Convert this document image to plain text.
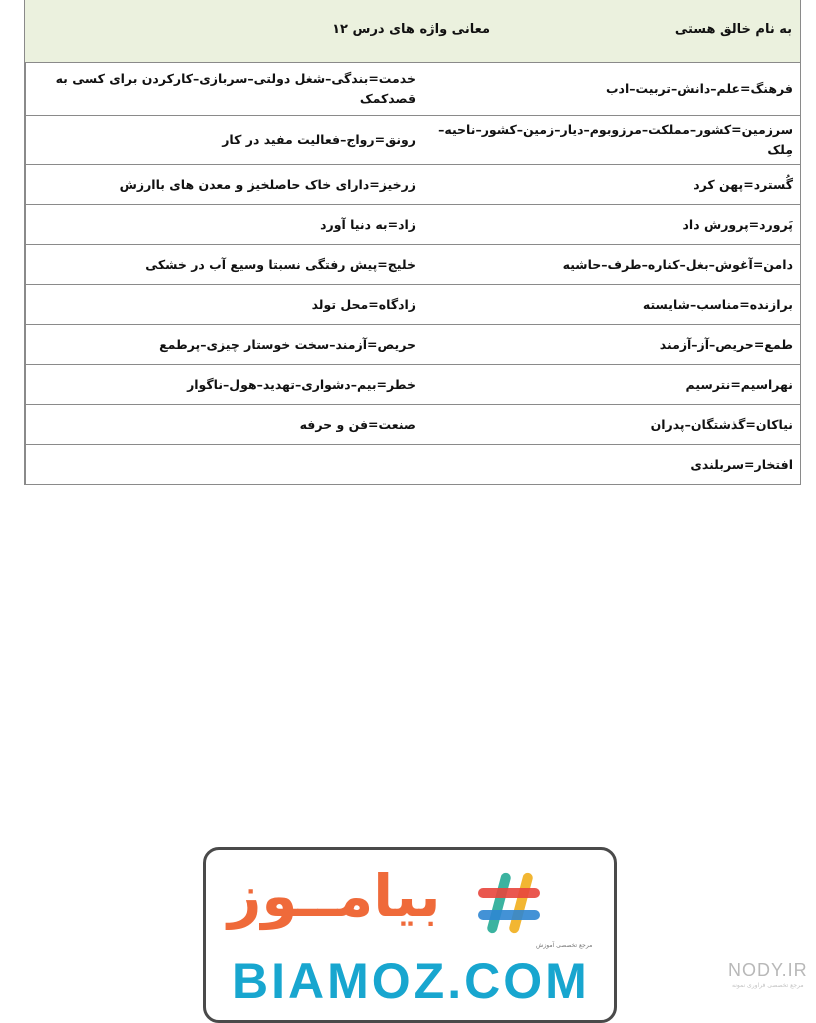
به نام خالق هستی
معانی واژه های درس ۱۲
فرهنگ=علم–دانش–تربیت–ادب	خدمت=بندگی–شغل دولتی–سربازی–کارکردن برای کسی به قصدکمک
سرزمین=کشور–مملکت–مرزوبوم–دیار–زمین–کشور–ناحیه–مِلک	رونق=رواج–فعالیت مفید در کار
گُسترد=پهن کرد	زرخیز=دارای خاک حاصلخیز و معدن های باارزش
پَرورد=پرورش داد	زاد=به دنیا آورد
دامن=آغوش–بغل–کناره–طرف–حاشیه	خلیج=پیش رفتگی نسبتا وسیع آب در خشکی
برازنده=مناسب–شایسته	زادگاه=محل تولد
طمع=حریص–آز–آزمند	حریص=آزمند–سخت خوستار چیزی–پرطمع
نهراسیم=نترسیم	خطر=بیم–دشواری–تهدید–هول–ناگوار
نیاکان=گذشتگان–پدران	صنعت=فن و حرفه
افتخار=سربلندی	
بیامــوز
مرجع تخصصی آموزش
BIAMOZ.COM	NODY.IR
مرجع تخصصی فراوری نمونه
